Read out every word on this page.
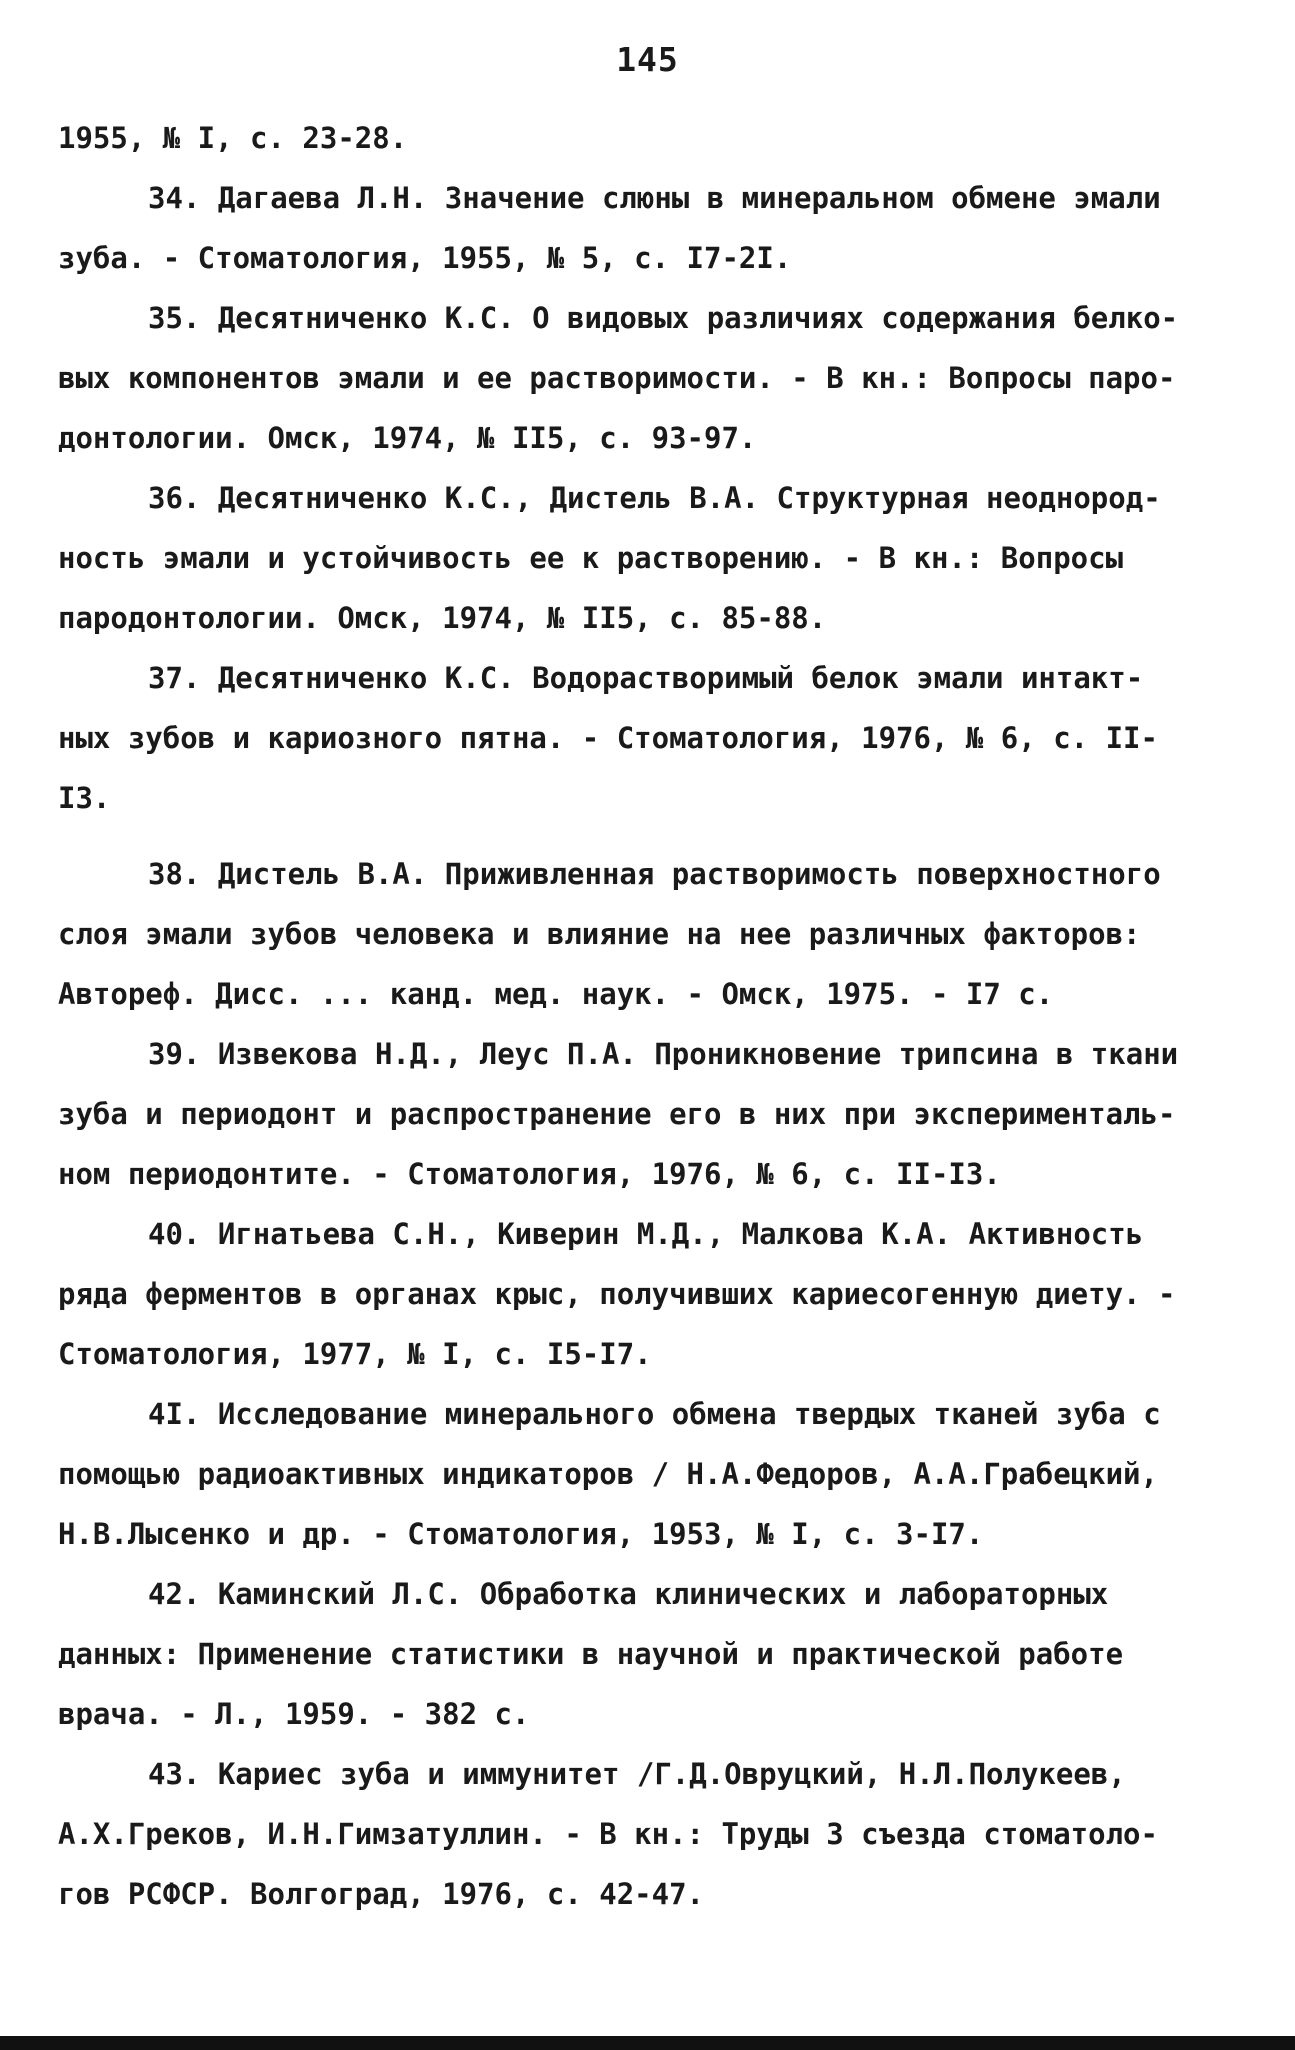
145
1955, № I, с. 23-28.
34. Дагаева Л.Н. Значение слюны в минеральном обмене эмали
зуба. - Стоматология, 1955, № 5, с. I7-2I.
35. Десятниченко К.С. О видовых различиях содержания белко-
вых компонентов эмали и ее растворимости. - В кн.: Вопросы паро-
донтологии. Омск, 1974, № II5, с. 93-97.
36. Десятниченко К.С., Дистель В.А. Структурная неоднород-
ность эмали и устойчивость ее к растворению. - В кн.: Вопросы
пародонтологии. Омск, 1974, № II5, с. 85-88.
37. Десятниченко К.С. Водорастворимый белок эмали интакт-
ных зубов и кариозного пятна. - Стоматология, 1976, № 6, с. II-
I3.
38. Дистель В.А. Приживленная растворимость поверхностного
слоя эмали зубов человека и влияние на нее различных факторов:
Автореф. Дисс. ... канд. мед. наук. - Омск, 1975. - I7 с.
39. Извекова Н.Д., Леус П.А. Проникновение трипсина в ткани
зуба и периодонт и распространение его в них при эксперименталь-
ном периодонтите. - Стоматология, 1976, № 6, с. II-I3.
40. Игнатьева С.Н., Киверин М.Д., Малкова К.А. Активность
ряда ферментов в органах крыс, получивших кариесогенную диету. -
Стоматология, 1977, № I, с. I5-I7.
4I. Исследование минерального обмена твердых тканей зуба с
помощью радиоактивных индикаторов / Н.А.Федоров, А.А.Грабецкий,
Н.В.Лысенко и др. - Стоматология, 1953, № I, с. 3-I7.
42. Каминский Л.С. Обработка клинических и лабораторных
данных: Применение статистики в научной и практической работе
врача. - Л., 1959. - 382 с.
43. Кариес зуба и иммунитет /Г.Д.Овруцкий, Н.Л.Полукеев,
А.Х.Греков, И.Н.Гимзатуллин. - В кн.: Труды 3 съезда стоматоло-
гов РСФСР. Волгоград, 1976, с. 42-47.
